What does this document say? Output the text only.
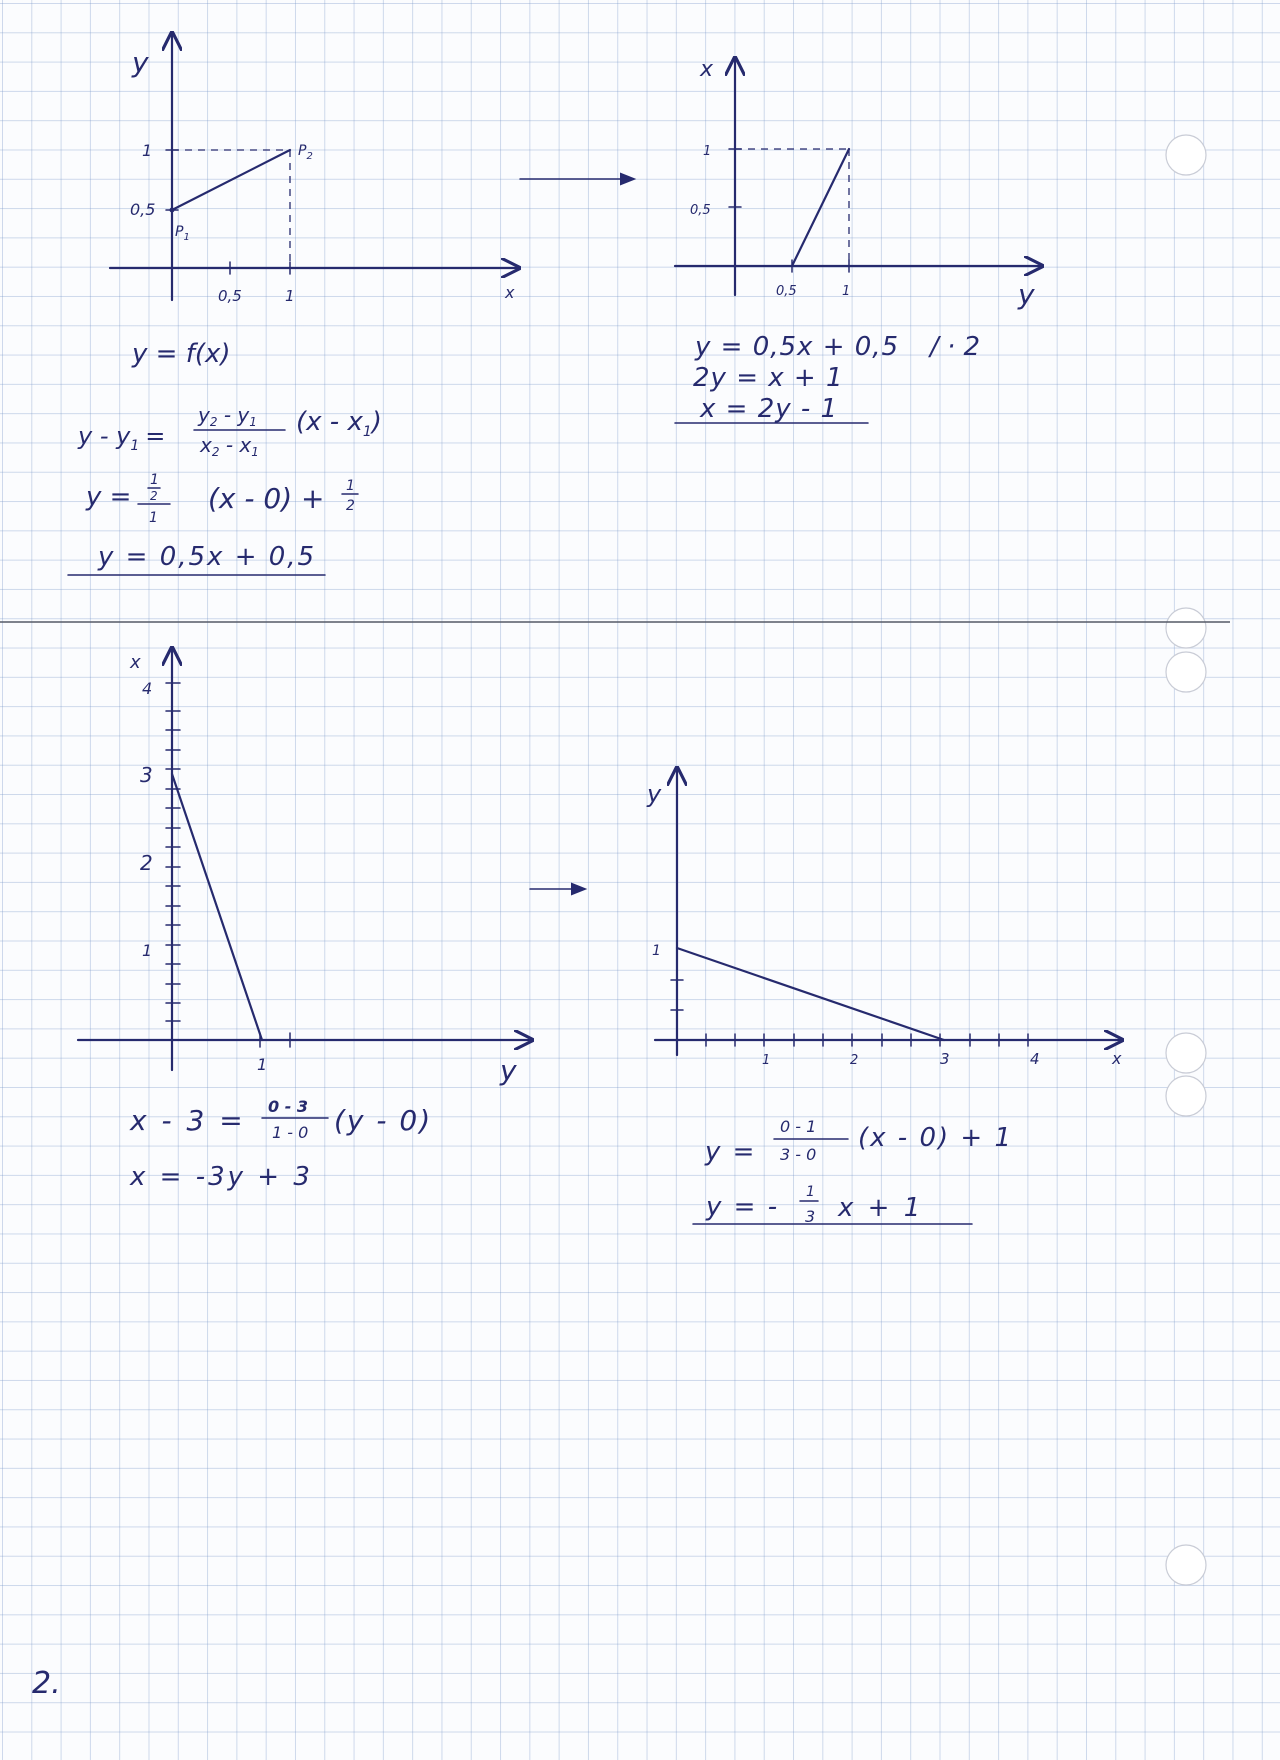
y
x
1
0,5
0,5	1
$P_1$
$P_2$
y = f(x)
y - $y_1$ =
$y_2 - y_1$
$x_2 - x_1$
$(x - x_1)$
y =
1
2
1
(x - 0) + 1
2
y = 0,5x + 0,5
x
y
1
0,5
0,5	1
y = 0,5x + 0,5 / · 2
2y = x + 1
x = 2y - 1
x
y
4
3
2
1
1
x - 3 = 0 - 3
1 - 0 (y - 0)
x = -3y + 3
y
x
1
1	2	3	4
y =
0 - 1
3 - 0
(x - 0) + 1
y = - 1
3 x + 1
2.
